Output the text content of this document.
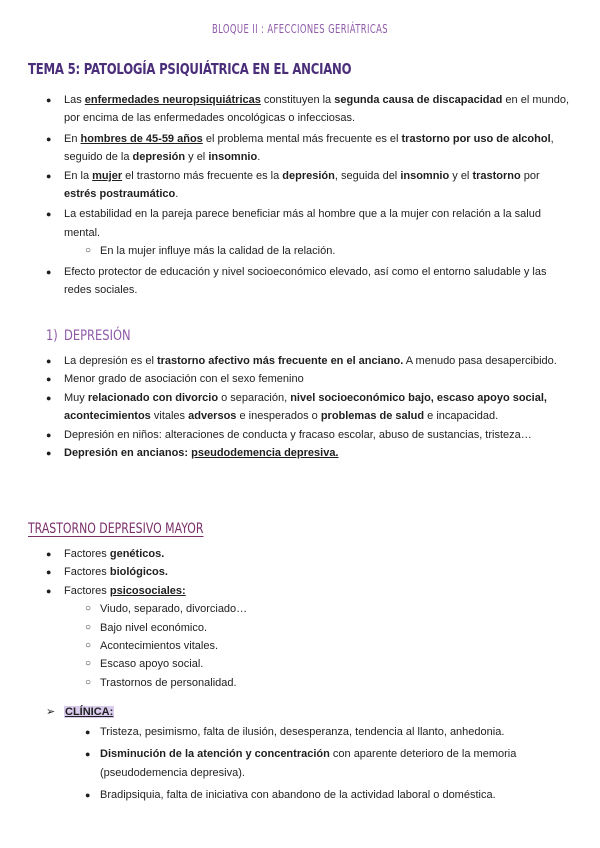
BLOQUE II : AFECCIONES GERIÁTRICAS
TEMA 5: PATOLOGÍA PSIQUIÁTRICA EN EL ANCIANO
● Las enfermedades neuropsiquiátricas constituyen la segunda causa de discapacidad en el mundo, por encima de las enfermedades oncológicas o infecciosas.
● En hombres de 45-59 años el problema mental más frecuente es el trastorno por uso de alcohol, seguido de la depresión y el insomnio.
● En la mujer el trastorno más frecuente es la depresión, seguida del insomnio y el trastorno por estrés postraumático.
● La estabilidad en la pareja parece beneficiar más al hombre que a la mujer con relación a la salud mental.
○ En la mujer influye más la calidad de la relación.
● Efecto protector de educación y nivel socioeconómico elevado, así como el entorno saludable y las redes sociales.
1) DEPRESIÓN
● La depresión es el trastorno afectivo más frecuente en el anciano. A menudo pasa desapercibido.
● Menor grado de asociación con el sexo femenino
● Muy relacionado con divorcio o separación, nivel socioeconómico bajo, escaso apoyo social, acontecimientos vitales adversos e inesperados o problemas de salud e incapacidad.
● Depresión en niños: alteraciones de conducta y fracaso escolar, abuso de sustancias, tristeza…
● Depresión en ancianos: pseudodemencia depresiva.
TRASTORNO DEPRESIVO MAYOR
● Factores genéticos.
● Factores biológicos.
● Factores psicosociales:
○ Viudo, separado, divorciado…
○ Bajo nivel económico.
○ Acontecimientos vitales.
○ Escaso apoyo social.
○ Trastornos de personalidad.
➢ CLÍNICA:
● Tristeza, pesimismo, falta de ilusión, desesperanza, tendencia al llanto, anhedonia.
● Disminución de la atención y concentración con aparente deterioro de la memoria (pseudodemencia depresiva).
● Bradipsiquia, falta de iniciativa con abandono de la actividad laboral o doméstica.
